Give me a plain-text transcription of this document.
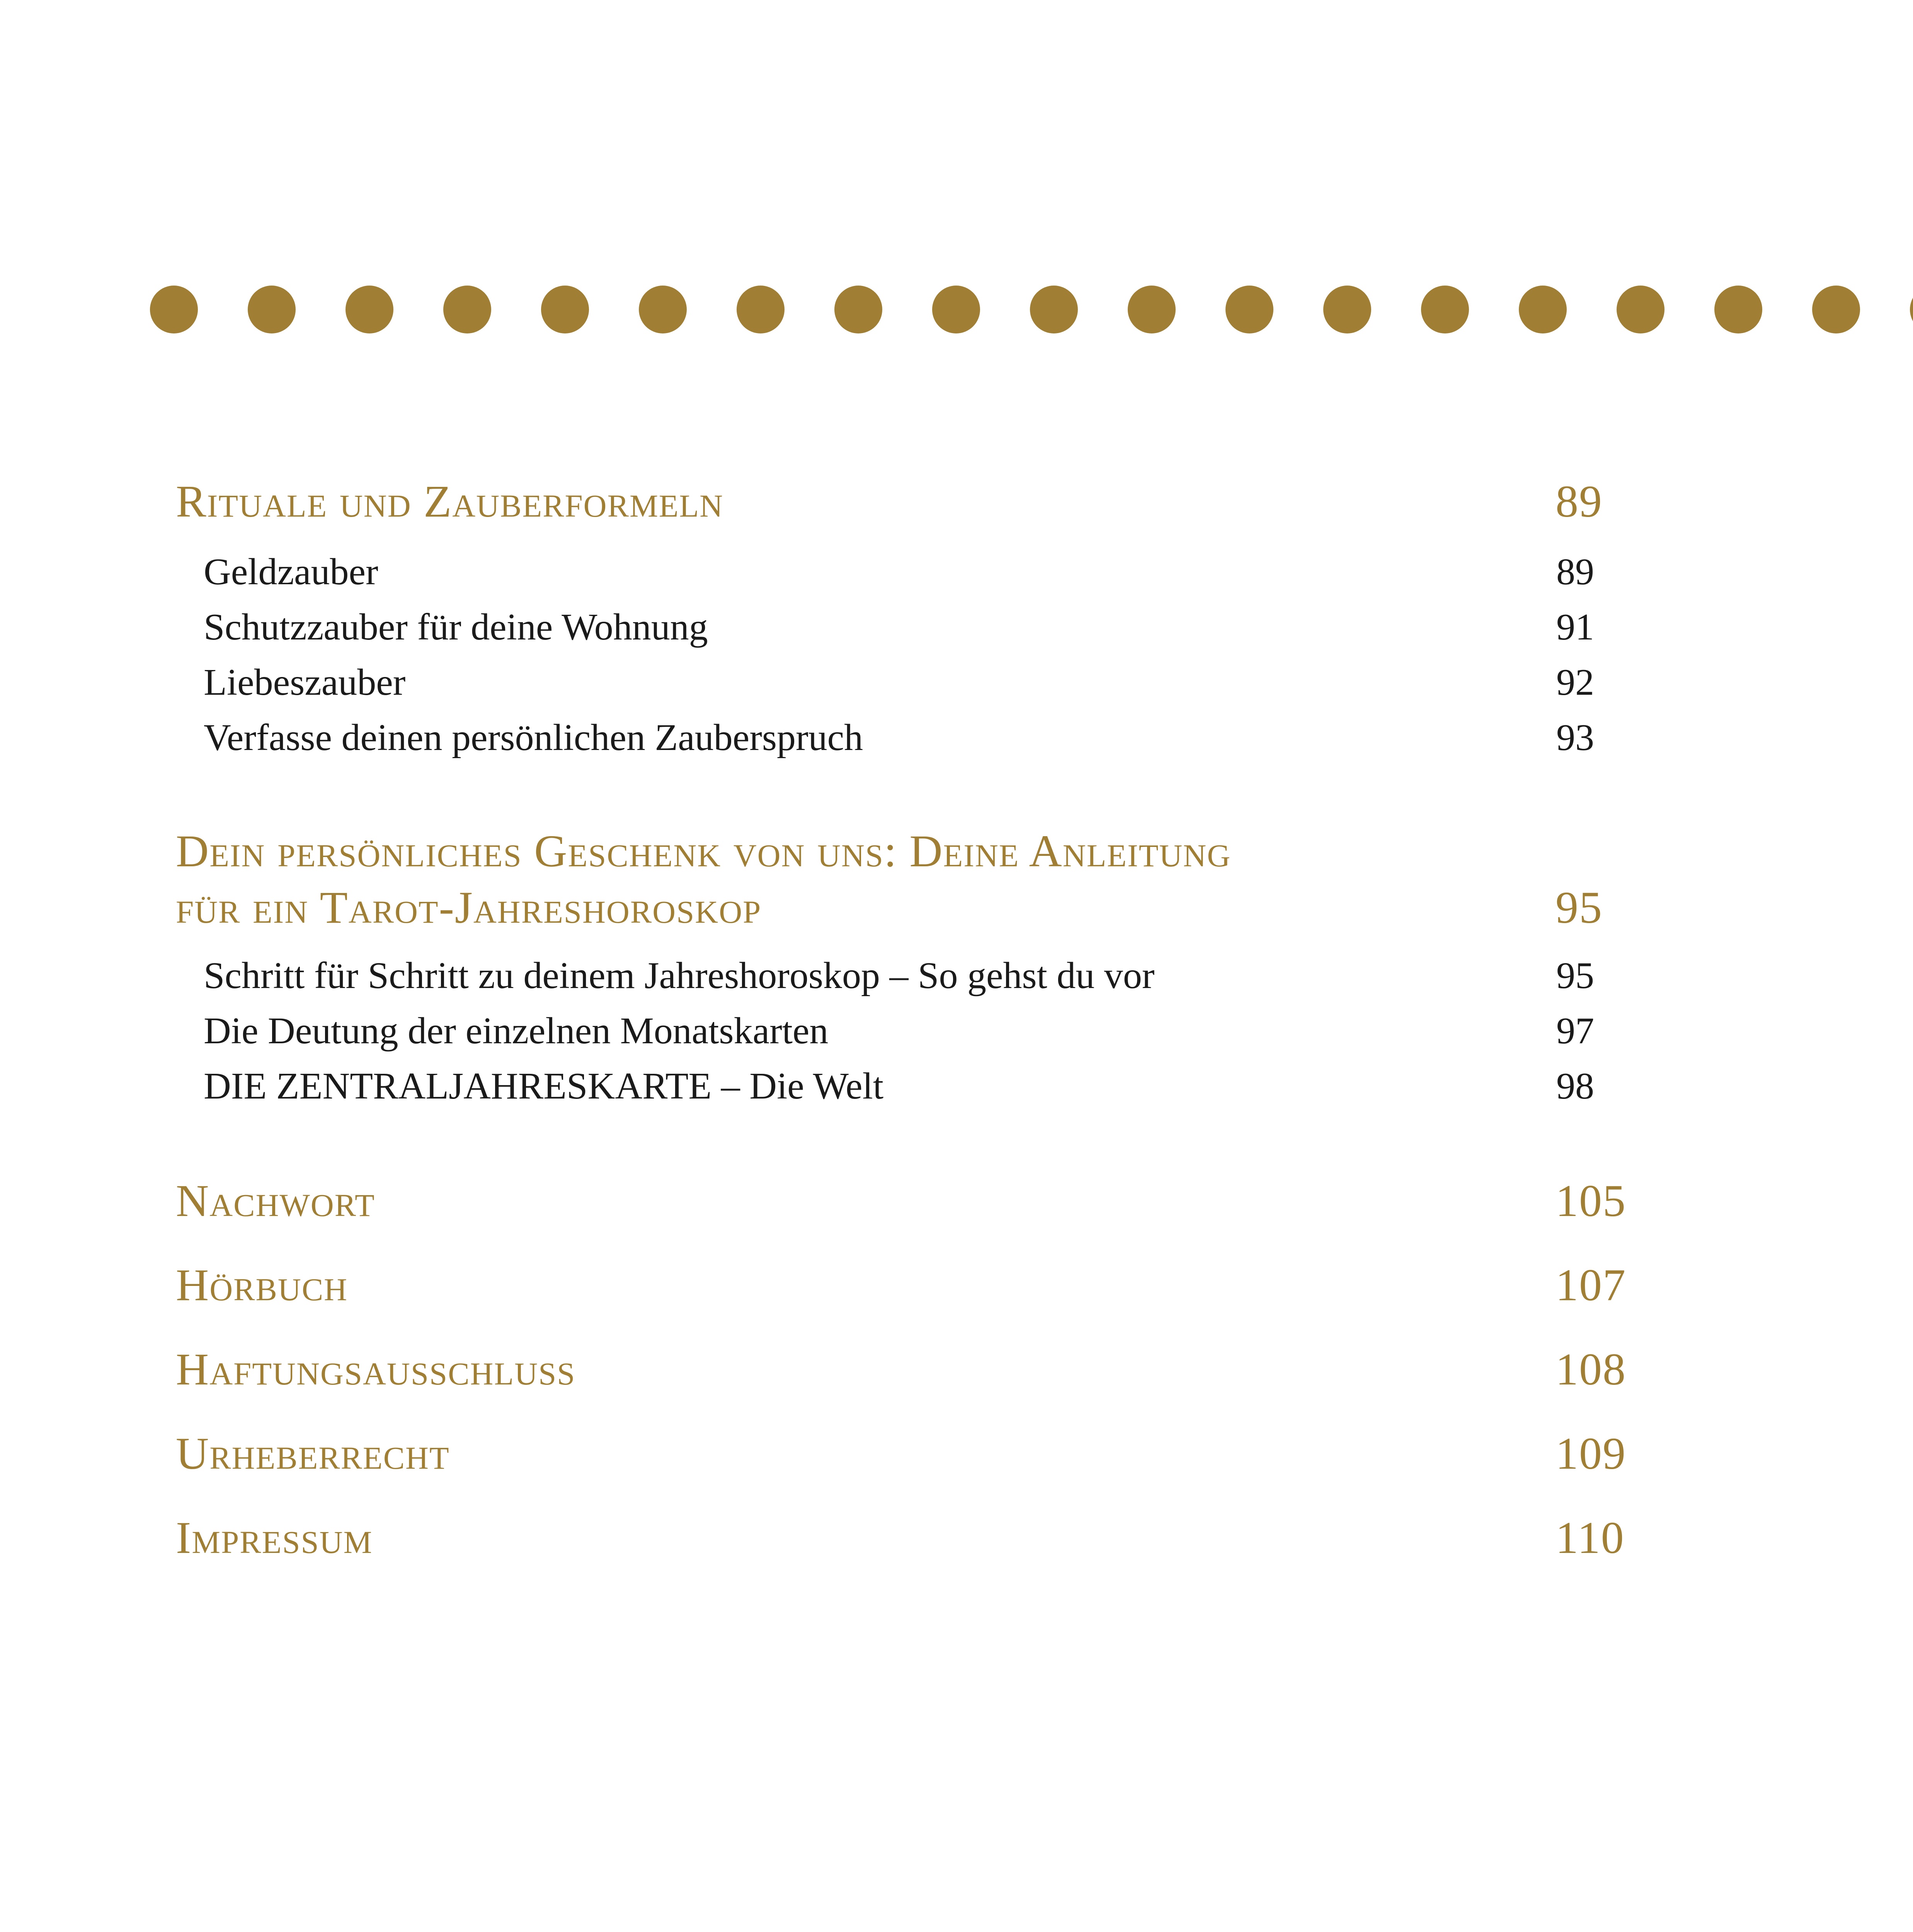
Rituale und Zauberformeln	89
Geldzauber	89
Schutzzauber für deine Wohnung	91
Liebeszauber	92
Verfasse deinen persönlichen Zauberspruch	93
Dein persönliches Geschenk von uns: Deine Anleitung
für ein Tarot-Jahreshoroskop	95
Schritt für Schritt zu deinem Jahreshoroskop – So gehst du vor	95
Die Deutung der einzelnen Monatskarten	97
DIE ZENTRALJAHRESKARTE – Die Welt	98
Nachwort	105
Hörbuch	107
Haftungsausschluss	108
Urheberrecht	109
Impressum	110
